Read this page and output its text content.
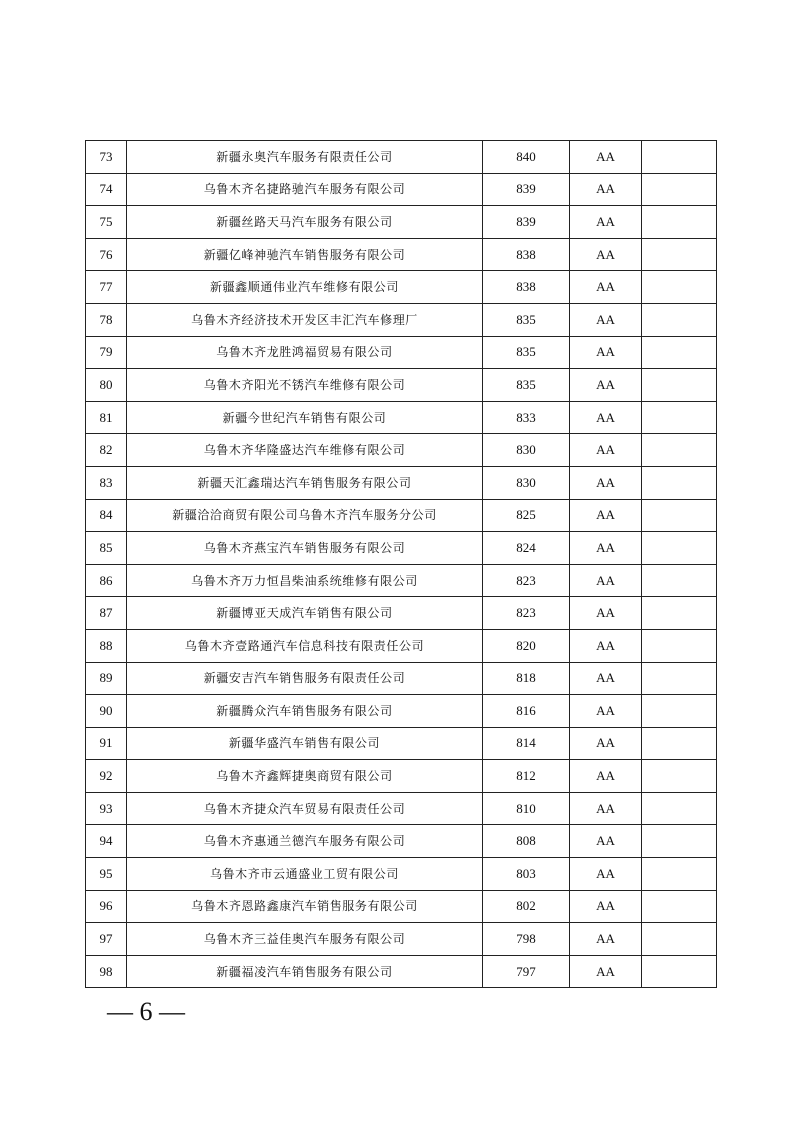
73	新疆永奥汽车服务有限责任公司	840	AA	
74	乌鲁木齐名捷路驰汽车服务有限公司	839	AA	
75	新疆丝路天马汽车服务有限公司	839	AA	
76	新疆亿峰神驰汽车销售服务有限公司	838	AA	
77	新疆鑫顺通伟业汽车维修有限公司	838	AA	
78	乌鲁木齐经济技术开发区丰汇汽车修理厂	835	AA	
79	乌鲁木齐龙胜鸿福贸易有限公司	835	AA	
80	乌鲁木齐阳光不锈汽车维修有限公司	835	AA	
81	新疆今世纪汽车销售有限公司	833	AA	
82	乌鲁木齐华隆盛达汽车维修有限公司	830	AA	
83	新疆天汇鑫瑞达汽车销售服务有限公司	830	AA	
84	新疆洽洽商贸有限公司乌鲁木齐汽车服务分公司	825	AA	
85	乌鲁木齐燕宝汽车销售服务有限公司	824	AA	
86	乌鲁木齐万力恒昌柴油系统维修有限公司	823	AA	
87	新疆博亚天成汽车销售有限公司	823	AA	
88	乌鲁木齐壹路通汽车信息科技有限责任公司	820	AA	
89	新疆安吉汽车销售服务有限责任公司	818	AA	
90	新疆腾众汽车销售服务有限公司	816	AA	
91	新疆华盛汽车销售有限公司	814	AA	
92	乌鲁木齐鑫辉捷奥商贸有限公司	812	AA	
93	乌鲁木齐捷众汽车贸易有限责任公司	810	AA	
94	乌鲁木齐惠通兰德汽车服务有限公司	808	AA	
95	乌鲁木齐市云通盛业工贸有限公司	803	AA	
96	乌鲁木齐恩路鑫康汽车销售服务有限公司	802	AA	
97	乌鲁木齐三益佳奥汽车服务有限公司	798	AA	
98	新疆福凌汽车销售服务有限公司	797	AA	
— 6 —
